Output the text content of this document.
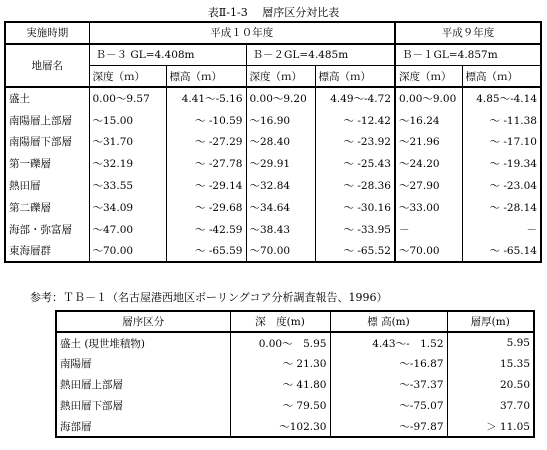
表Ⅱ-1-3　 層序区分対比表
実施時期	平成１０年度				平成９年度	
地層名	Ｂ－３ GL=4.408m		Ｂ－２GL=4.485m		Ｂ－１GL=4.857m	
	深度（ｍ）	標高（ｍ）	深度（ｍ）	標高（ｍ）	深度（ｍ）	標高（ｍ）
盛土	0.00～9.57	4.41～-5.16	0.00～9.20	4.49～-4.72	0.00～9.00	4.85～-4.14
南陽層上部層	～15.00	～ -10.59	～16.90	～ -12.42	～16.24	～ -11.38
南陽層下部層	～31.70	～ -27.29	～28.40	～ -23.92	～21.96	～ -17.10
第一礫層	～32.19	～ -27.78	～29.91	～ -25.43	～24.20	～ -19.34
熱田層	～33.55	～ -29.14	～32.84	～ -28.36	～27.90	～ -23.04
第二礫層	～34.09	～ -29.68	～34.64	～ -30.16	～33.00	～ -28.14
海部・弥富層	～47.00	～ -42.59	～38.43	～ -33.95	－	－
東海層群	～70.00	～ -65.59	～70.00	～ -65.52	～70.00	～ -65.14
参考：ＴＢ－１（名古屋港西地区ボーリングコア分析調査報告、1996）
層序区分	深　度(m)	標 高(m)	層厚(m)
盛土 (現世堆積物)	0.00～　5.95	4.43～-　1.52	5.95
南陽層	～ 21.30	～-16.87	15.35
熱田層上部層	～ 41.80	～-37.37	20.50
熱田層下部層	～ 79.50	～-75.07	37.70
海部層	～102.30	～-97.87	＞ 11.05
